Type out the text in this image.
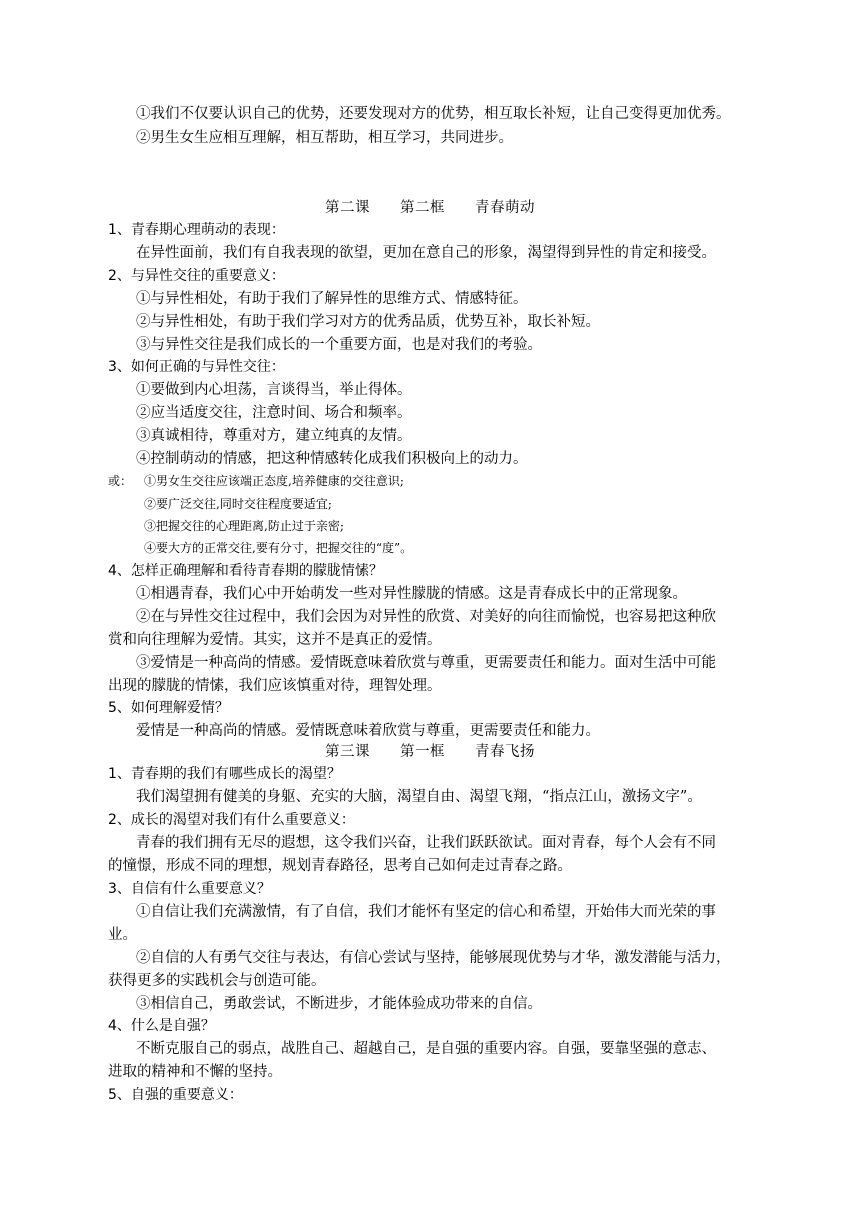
①我们不仅要认识自己的优势，还要发现对方的优势，相互取长补短，让自己变得更加优秀。
②男生女生应相互理解，相互帮助，相互学习，共同进步。
第二课　　第二框　　青春萌动
1、青春期心理萌动的表现：
在异性面前，我们有自我表现的欲望，更加在意自己的形象，渴望得到异性的肯定和接受。
2、与异性交往的重要意义：
①与异性相处，有助于我们了解异性的思维方式、情感特征。
②与异性相处，有助于我们学习对方的优秀品质，优势互补，取长补短。
③与异性交往是我们成长的一个重要方面，也是对我们的考验。
3、如何正确的与异性交往：
①要做到内心坦荡，言谈得当，举止得体。
②应当适度交往，注意时间、场合和频率。
③真诚相待，尊重对方，建立纯真的友情。
④控制萌动的情感，把这种情感转化成我们积极向上的动力。
或： ①男女生交往应该端正态度,培养健康的交往意识;
②要广泛交往,同时交往程度要适宜;
③把握交往的心理距离,防止过于亲密;
④要大方的正常交往,要有分寸，把握交往的“度”。
4、怎样正确理解和看待青春期的朦胧情愫？
①相遇青春，我们心中开始萌发一些对异性朦胧的情感。这是青春成长中的正常现象。
②在与异性交往过程中，我们会因为对异性的欣赏、对美好的向往而愉悦，也容易把这种欣
赏和向往理解为爱情。其实，这并不是真正的爱情。
③爱情是一种高尚的情感。爱情既意味着欣赏与尊重，更需要责任和能力。面对生活中可能
出现的朦胧的情愫，我们应该慎重对待，理智处理。
5、如何理解爱情？
爱情是一种高尚的情感。爱情既意味着欣赏与尊重，更需要责任和能力。
第三课　　第一框　　青春飞扬
1、青春期的我们有哪些成长的渴望？
我们渴望拥有健美的身躯、充实的大脑，渴望自由、渴望飞翔，“指点江山，激扬文字”。
2、成长的渴望对我们有什么重要意义：
青春的我们拥有无尽的遐想，这令我们兴奋，让我们跃跃欲试。面对青春，每个人会有不同
的憧憬，形成不同的理想，规划青春路径，思考自己如何走过青春之路。
3、自信有什么重要意义？
①自信让我们充满激情，有了自信，我们才能怀有坚定的信心和希望，开始伟大而光荣的事
业。
②自信的人有勇气交往与表达，有信心尝试与坚持，能够展现优势与才华，激发潜能与活力，
获得更多的实践机会与创造可能。
③相信自己，勇敢尝试，不断进步，才能体验成功带来的自信。
4、什么是自强？
不断克服自己的弱点，战胜自己、超越自己，是自强的重要内容。自强，要靠坚强的意志、
进取的精神和不懈的坚持。
5、自强的重要意义：
